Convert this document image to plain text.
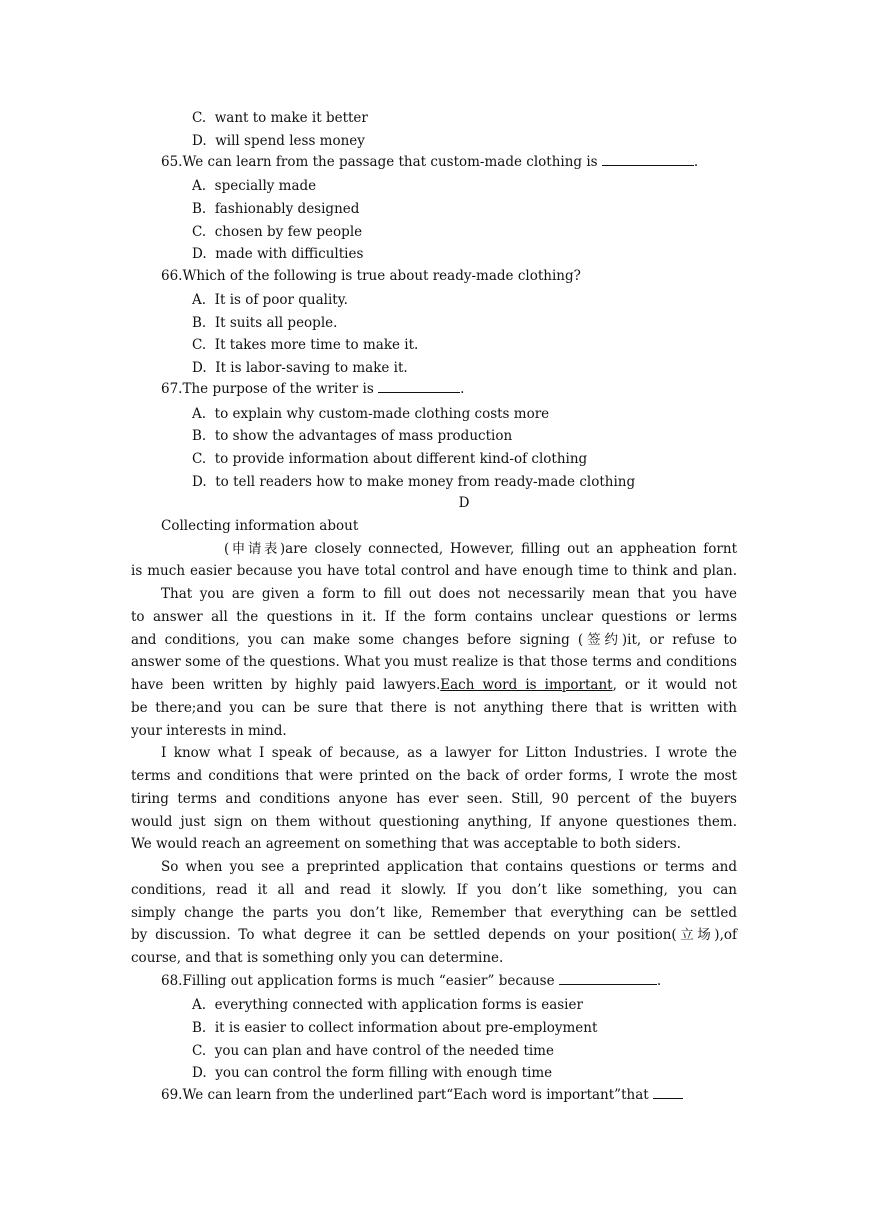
C. want to make it better
D. will spend less money
65.We can learn from the passage that custom-made clothing is	.
A. specially made
B. fashionably designed
C. chosen by few people
D. made with difficulties
66.Which of the following is true about ready-made clothing?
A. It is of poor quality.
B. It suits all people.
C. It takes more time to make it.
D. It is labor-saving to make it.
67.The purpose of the writer is	.
A. to explain why custom-made clothing costs more
B. to show the advantages of mass production
C. to provide information about different kind-of clothing
D. to tell readers how to make money from ready-made clothing
D
Collecting information about
(申请表)are closely connected, However, filling out an appheation fornt
is much easier because you have total control and have enough time to think and plan.
That you are given a form to fill out does not necessarily mean that you have
to answer all the questions in it. If the form contains unclear questions or lerms
and conditions, you can make some changes before signing (签约)it, or refuse to
answer some of the questions. What you must realize is that those terms and conditions
have been written by highly paid lawyers.Each word is important, or it would not
be there;and you can be sure that there is not anything there that is written with
your interests in mind.
I know what I speak of because, as a lawyer for Litton Industries. I wrote the
terms and conditions that were printed on the back of order forms, I wrote the most
tiring terms and conditions anyone has ever seen. Still, 90 percent of the buyers
would just sign on them without questioning anything, If anyone questiones them.
We would reach an agreement on something that was acceptable to both siders.
So when you see a preprinted application that contains questions or terms and
conditions, read it all and read it slowly. If you don’t like something, you can
simply change the parts you don’t like, Remember that everything can be settled
by discussion. To what degree it can be settled depends on your position(立场),of
course, and that is something only you can determine.
68.Filling out application forms is much “easier” because	.
A. everything connected with application forms is easier
B. it is easier to collect information about pre-employment
C. you can plan and have control of the needed time
D. you can control the form filling with enough time
69.We can learn from the underlined part“Each word is important”that
